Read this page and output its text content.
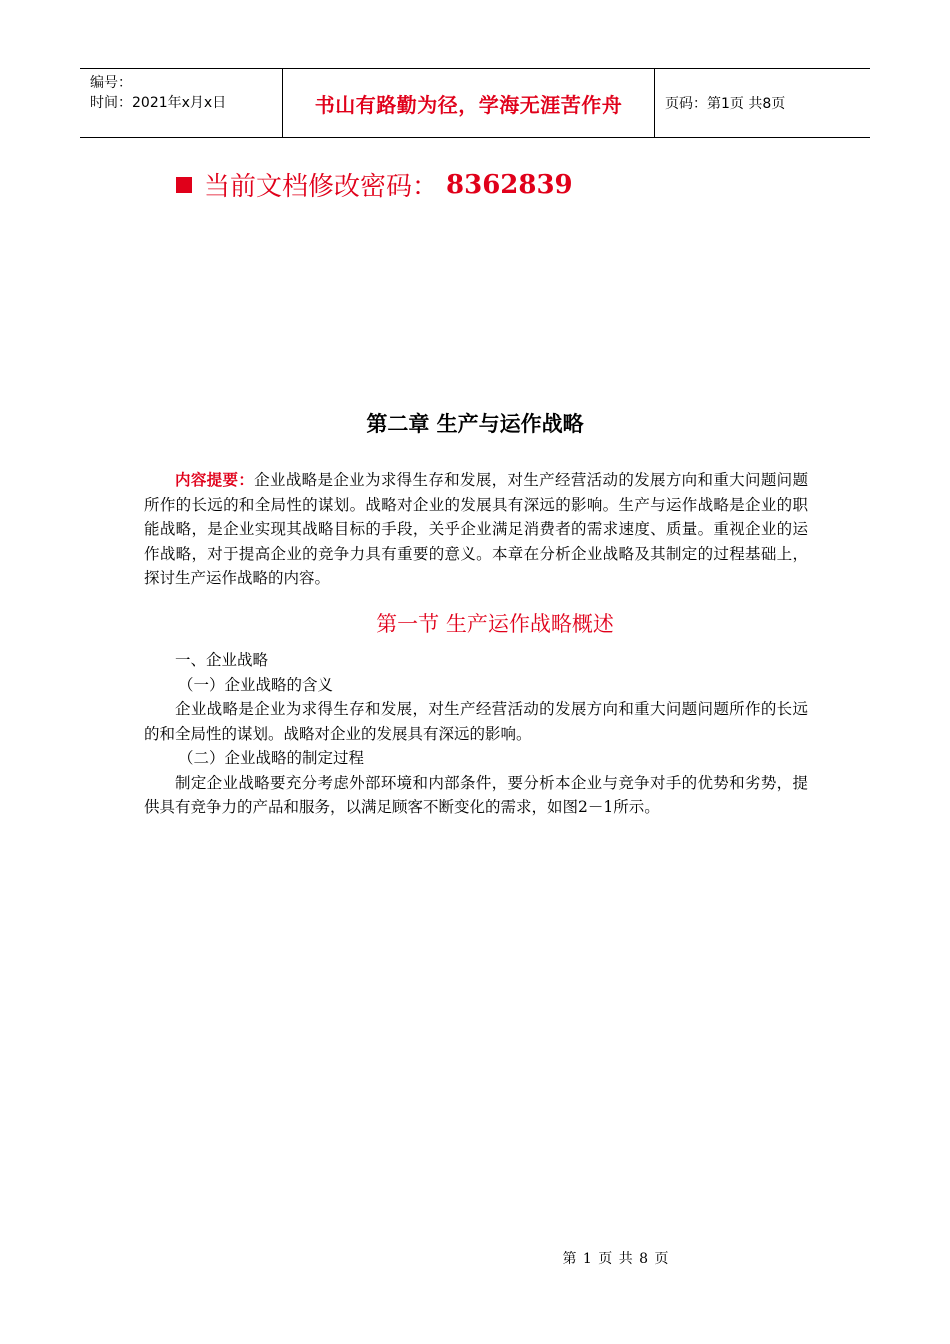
编号：
时间：2021年x月x日	书山有路勤为径，学海无涯苦作舟	页码：第1页 共8页
当前文档修改密码： 8362839
第二章 生产与运作战略
内容提要：企业战略是企业为求得生存和发展，对生产经营活动的发展方向和重大问题问题所作的长远的和全局性的谋划。战略对企业的发展具有深远的影响。生产与运作战略是企业的职能战略，是企业实现其战略目标的手段，关乎企业满足消费者的需求速度、质量。重视企业的运作战略，对于提高企业的竞争力具有重要的意义。本章在分析企业战略及其制定的过程基础上，探讨生产运作战略的内容。
第一节 生产运作战略概述

一、企业战略

（一）企业战略的含义

企业战略是企业为求得生存和发展，对生产经营活动的发展方向和重大问题问题所作的长远的和全局性的谋划。战略对企业的发展具有深远的影响。

（二）企业战略的制定过程

制定企业战略要充分考虑外部环境和内部条件，要分析本企业与竞争对手的优势和劣势，提供具有竞争力的产品和服务，以满足顾客不断变化的需求，如图2－1所示。

第 1 页 共 8 页
